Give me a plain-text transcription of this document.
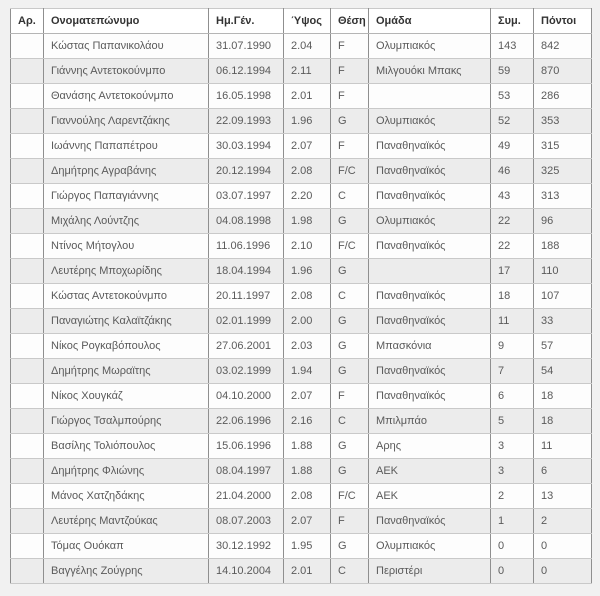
Αρ.	Ονοματεπώνυμο	Ημ.Γέν.	Ύψος	Θέση	Ομάδα	Συμ.	Πόντοι
	Κώστας Παπανικολάου	31.07.1990	2.04	F	Ολυμπιακός	143	842
	Γιάννης Αντετοκούνμπο	06.12.1994	2.11	F	Μιλγουόκι Μπακς	59	870
	Θανάσης Αντετοκούνμπο	16.05.1998	2.01	F		53	286
	Γιαννούλης Λαρεντζάκης	22.09.1993	1.96	G	Ολυμπιακός	52	353
	Ιωάννης Παπαπέτρου	30.03.1994	2.07	F	Παναθηναϊκός	49	315
	Δημήτρης Αγραβάνης	20.12.1994	2.08	F/C	Παναθηναϊκός	46	325
	Γιώργος Παπαγιάννης	03.07.1997	2.20	C	Παναθηναϊκός	43	313
	Μιχάλης Λούντζης	04.08.1998	1.98	G	Ολυμπιακός	22	96
	Ντίνος Μήτογλου	11.06.1996	2.10	F/C	Παναθηναϊκός	22	188
	Λευτέρης Μποχωρίδης	18.04.1994	1.96	G		17	110
	Κώστας Αντετοκούνμπο	20.11.1997	2.08	C	Παναθηναϊκός	18	107
	Παναγιώτης Καλαϊτζάκης	02.01.1999	2.00	G	Παναθηναϊκός	11	33
	Νίκος Ρογκαβόπουλος	27.06.2001	2.03	G	Μπασκόνια	9	57
	Δημήτρης Μωραϊτης	03.02.1999	1.94	G	Παναθηναϊκός	7	54
	Νίκος Χουγκάζ	04.10.2000	2.07	F	Παναθηναϊκός	6	18
	Γιώργος Τσαλμπούρης	22.06.1996	2.16	C	Μπιλμπάο	5	18
	Βασίλης Τολιόπουλος	15.06.1996	1.88	G	Αρης	3	11
	Δημήτρης Φλιώνης	08.04.1997	1.88	G	ΑΕΚ	3	6
	Μάνος Χατζηδάκης	21.04.2000	2.08	F/C	ΑΕΚ	2	13
	Λευτέρης Μαντζούκας	08.07.2003	2.07	F	Παναθηναϊκός	1	2
	Τόμας Ουόκαπ	30.12.1992	1.95	G	Ολυμπιακός	0	0
	Βαγγέλης Ζούγρης	14.10.2004	2.01	C	Περιστέρι	0	0
